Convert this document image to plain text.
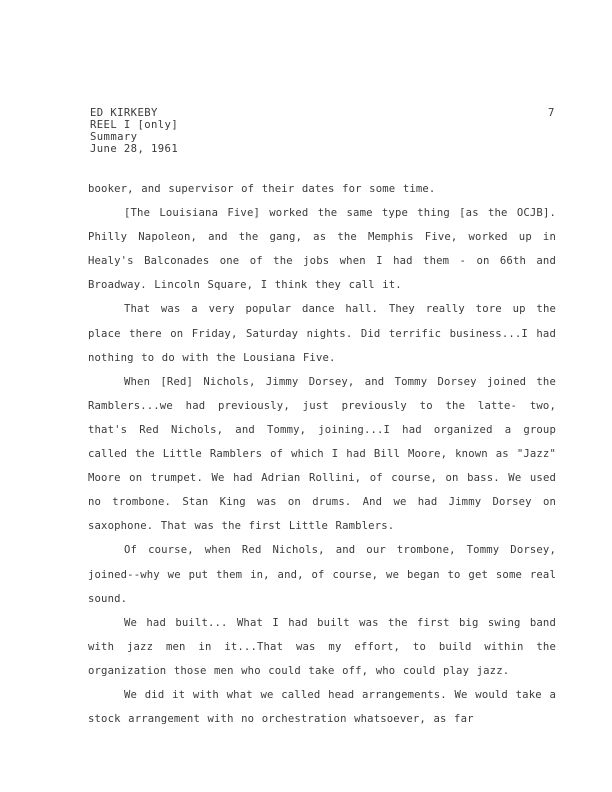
ED KIRKEBY
REEL I [only]
Summary
June 28, 1961
7

booker, and supervisor of their dates for some time.

[The Louisiana Five] worked the same type thing [as the OCJB]. Philly Napoleon, and the gang, as the Memphis Five, worked up in Healy's Balconades one of the jobs when I had them - on 66th and Broadway. Lincoln Square, I think they call it.

That was a very popular dance hall. They really tore up the place there on Friday, Saturday nights. Did terrific business...I had nothing to do with the Lousiana Five.

When [Red] Nichols, Jimmy Dorsey, and Tommy Dorsey joined the Ramblers...we had previously, just previously to the latte- two, that's Red Nichols, and Tommy, joining...I had organized a group called the Little Ramblers of which I had Bill Moore, known as "Jazz" Moore on trumpet. We had Adrian Rollini, of course, on bass. We used no trombone. Stan King was on drums. And we had Jimmy Dorsey on saxophone. That was the first Little Ramblers.

Of course, when Red Nichols, and our trombone, Tommy Dorsey, joined--why we put them in, and, of course, we began to get some real sound.

We had built... What I had built was the first big swing band with jazz men in it...That was my effort, to build within the organization those men who could take off, who could play jazz.

We did it with what we called head arrangements. We would take a stock arrangement with no orchestration whatsoever, as far
